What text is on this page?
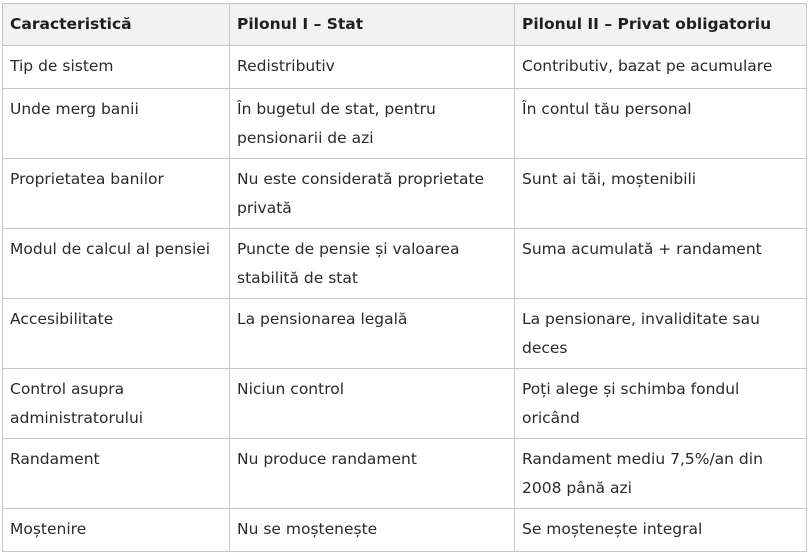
Caracteristică	Pilonul I – Stat	Pilonul II – Privat obligatoriu
Tip de sistem	Redistributiv	Contributiv, bazat pe acumulare
Unde merg banii	În bugetul de stat, pentru pensionarii de azi	În contul tău personal
Proprietatea banilor	Nu este considerată proprietate privată	Sunt ai tăi, moștenibili
Modul de calcul al pensiei	Puncte de pensie și valoarea stabilită de stat	Suma acumulată + randament
Accesibilitate	La pensionarea legală	La pensionare, invaliditate sau deces
Control asupra administratorului	Niciun control	Poți alege și schimba fondul oricând
Randament	Nu produce randament	Randament mediu 7,5%/an din 2008 până azi
Moștenire	Nu se moștenește	Se moștenește integral
